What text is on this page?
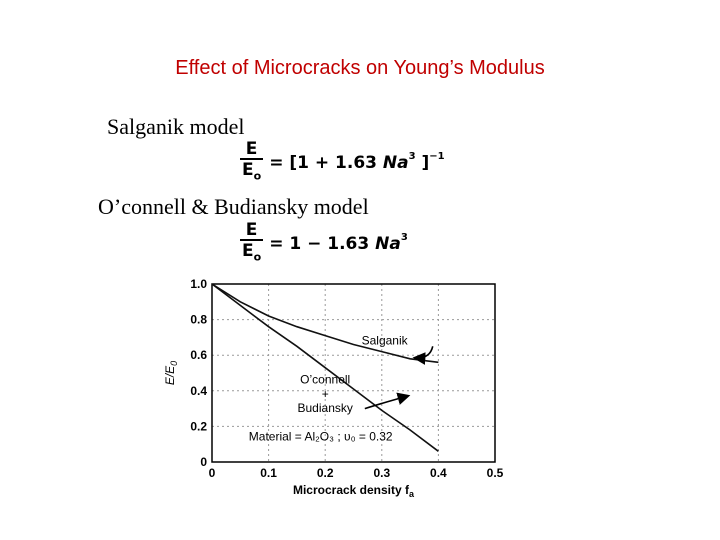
Effect of Microcracks on Young’s Modulus
Salganik model
$\frac{E}{E_o} = [1 + 1.63$ Na$^3$ ]$^{-1}$
O’connell & Budiansky model
$\frac{E}{E_o} = 1 - 1.63$ Na$^3$
0	0.1	0.2	0.3	0.4	0.5
0
0.2
0.4
0.6
0.8
1.0
Salganik
O’connell
+
Budiansky
Material = Al₂O₃ ; υ₀ = 0.32
Microcrack density $f_a$
$E/E_0$
